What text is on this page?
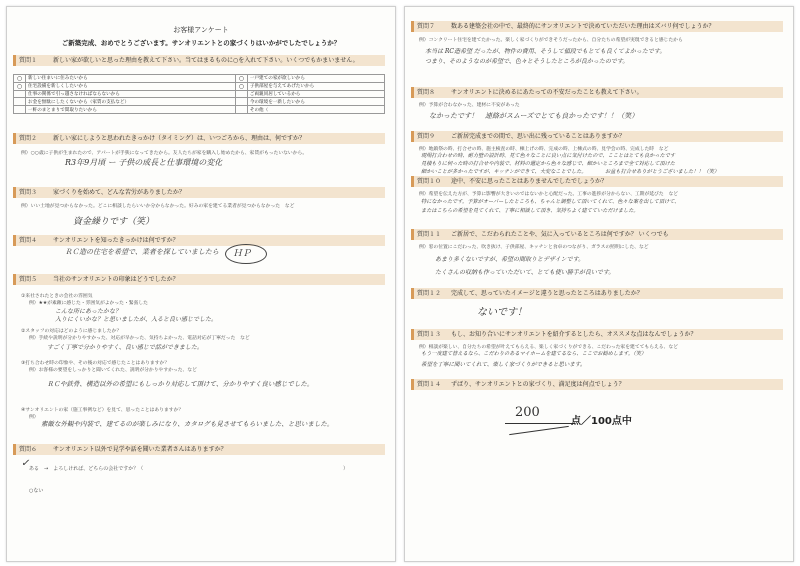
お客様アンケート
ご新築完成、おめでとうございます。サンオリエントとの家づくりはいかがでしたでしょうか？
質問１	新しい家が欲しいと思った理由を教えて下さい。当てはまるものに○を入れて下さい。いくつでもかまいません。
○	新しい住まいに住みたいから	○	一戸建ての家が欲しいから
○	住宅設備を新しくしたいから	○	子供部屋を与えてあげたいから
	仕事の関係で引っ越さなければならないから		ご両親同居しているから
	お金を無駄にしたくないから（家賃の支払など）		今の環境を一新したいから
	一軒のまとまりで間取りたいから		その他（
質問２	新しい家にしようと思われたきっかけ（タイミング）は、いつごろから、理由は、何ですか？
例）○○歳に子供が生まれたので、アパートが手狭になってきたから。友人たちが家を購入し始めたから、家賃がもったいないから。
R3年9月頃 ー 子供の成長と仕事環境の変化
質問３	家づくりを始めて、どんな苦労がありましたか？
例）いい土地が見つからなかった。どこに相談したらいいか分からなかった。好みの家を建てる業者が見つからなかった　など
資金繰りです（笑）
質問４	サンオリエントを知ったきっかけは何ですか？
ＲＣ造の住宅を希望で、業者を探していましたら ＨＰ
質問５	当社のサンオリエントの印象はどうでしたか？
①来社されたときの会社の雰囲気
例）★★が素敵に感じた・雰囲気がよかった・緊張した
こんな所にあったかな？
入りにくいかな？と思いましたが、入ると良い感じでした。
②スタッフの対応はどのように感じましたか？
例）手続や説明が分かりやすかった、対応が早かった、気持ちよかった、電話対応が丁寧だった　など
すごく丁寧で分かりやすく、良い感じで話ができました。
③打ち合わせ時の印象や、その後の対応で感じたことはありますか？
例）お客様の要望をしっかりと聞いてくれた、説明が分かりやすかった、など
ＲＣや鉄骨、構造以外の希望にもしっかり対応して頂けて、分かりやすく良い感じでした。
④サンオリエントの家（施工事例など）を見て、思ったことはありますか？
例）
素敵な外観や内装で、建てるのが楽しみになり、カタログも見させてもらいました、と思いました。
質問６	サンオリエント以外で見学や話を聞いた業者さんはありますか？
✓ ある　→　よろしければ、どちらの会社ですか？（	）
○ない
質問７	数ある建築会社の中で、最終的にサンオリエントで決めていただいた理由はズバリ何でしょうか？
例）コンクリート住宅を建てたかった。楽しく家づくりができそうだったから、自分たちの希望が実現できると感じたから
本当は RC造希望 だったが、物件の費用、そうして値段でもとても良くてよかったです。
つまり、そのようなのが希望で、色々とそうしたところが良かったのです。
質問８	サンオリエントに決めるにあたっての不安だったことも教えて下さい。
例）予算が合わなかった、建材に不安があった
なかったです！　連絡がスムーズでとても良かったです！！（笑）
質問９	ご新居完成までの間で、思い出に残っていることはありますか？
例）地鎮祭の時、打合せの時、施主検査の時、棟上げの時、完成の時、上棟式の時、見学会の時、完成した時　など
現場打合わせの時、耐力壁の設計時、見て色々なことに良い点に気付けたので、こことはとても良かったです
見積もりに伺った時の打合せや内装で、材料の選定から色々な感じで、細かいところまで全て対応して頂けた
細かいことが多かったですが、キッチンができて、大変なことでした。	お盆も打合せありがとうございました！！（笑）
質問１０ 途中、不安に思ったことはありませんでしたでしょうか？
例）希望を伝えた方が、予算に影響が大きいのではないかと心配だった。工事の進捗が分からない、工期が延びた　など
特になかったです。予算がオーバーしたところも、ちゃんと調整して頂いてくれて、色々な案を出して頂けて、
またはこちらの希望を見てくれて、丁寧に相談して頂き、気持ちよく建てていただけました。
質問１１ ご新居で、こだわられたことや、気に入っているところは何ですか？ いくつでも
例）窓の位置にこだわった、吹き抜け、子供部屋、キッチンと食卓のつながり、ガラスの照明にした、など
あまり多くないですが、希望の間取りとデザインです。
たくさんの収納も作っていただいて、とても使い勝手が良いです。
質問１２ 完成して、思っていたイメージと違うと思ったところはありましたか？
ないです！
質問１３ もし、お知り合いにサンオリエントを紹介するとしたら、オススメな点はなんでしょうか？
例）相談が楽しい、自分たちの希望が叶えてもらえる、楽しく家づくりができる、こだわった家を建ててもらえる、など
もう一度建て替えるなら、こだわりのあるマイホームを建てるなら、ここでお勧めします。（笑）
希望を丁寧に聞いてくれて、楽しく家づくりができると思います。
質問１４ ずばり、サンオリエントとの家づくり、満足度は何点でしょう？
200
点／100点中
